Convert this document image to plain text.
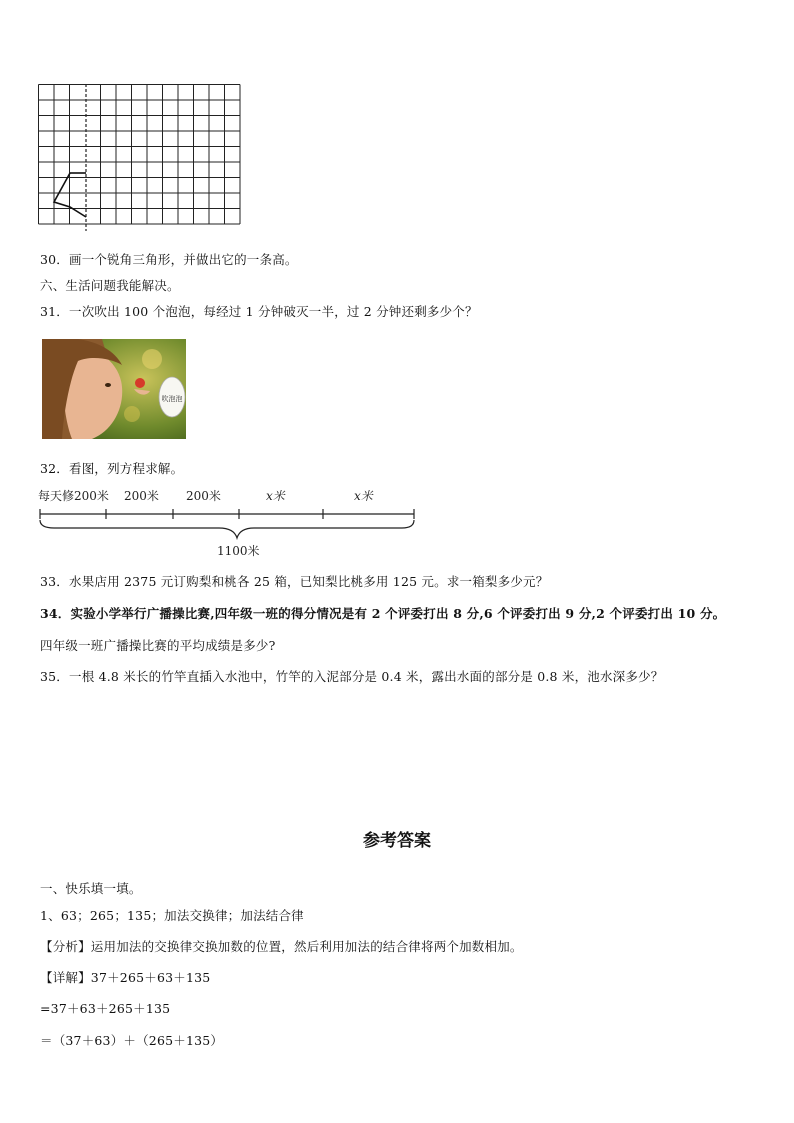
30．画一个锐角三角形，并做出它的一条高。
六、生活问题我能解决。
31．一次吹出 100 个泡泡，每经过 1 分钟破灭一半，过 2 分钟还剩多少个？
吹泡泡
32．看图，列方程求解。
每天修200米 200米 200米	x米	x米
1100米
33．水果店用 2375 元订购梨和桃各 25 箱，已知梨比桃多用 125 元。求一箱梨多少元？
34．实验小学举行广播操比赛,四年级一班的得分情况是有 2 个评委打出 8 分,6 个评委打出 9 分,2 个评委打出 10 分。
四年级一班广播操比赛的平均成绩是多少?
35．一根 4.8 米长的竹竿直插入水池中，竹竿的入泥部分是 0.4 米，露出水面的部分是 0.8 米，池水深多少？
参考答案
一、快乐填一填。
1、63；265；135；加法交换律；加法结合律
【分析】运用加法的交换律交换加数的位置，然后利用加法的结合律将两个加数相加。
【详解】37＋265＋63＋135
=37＋63＋265＋135
＝（37＋63）＋（265＋135）
